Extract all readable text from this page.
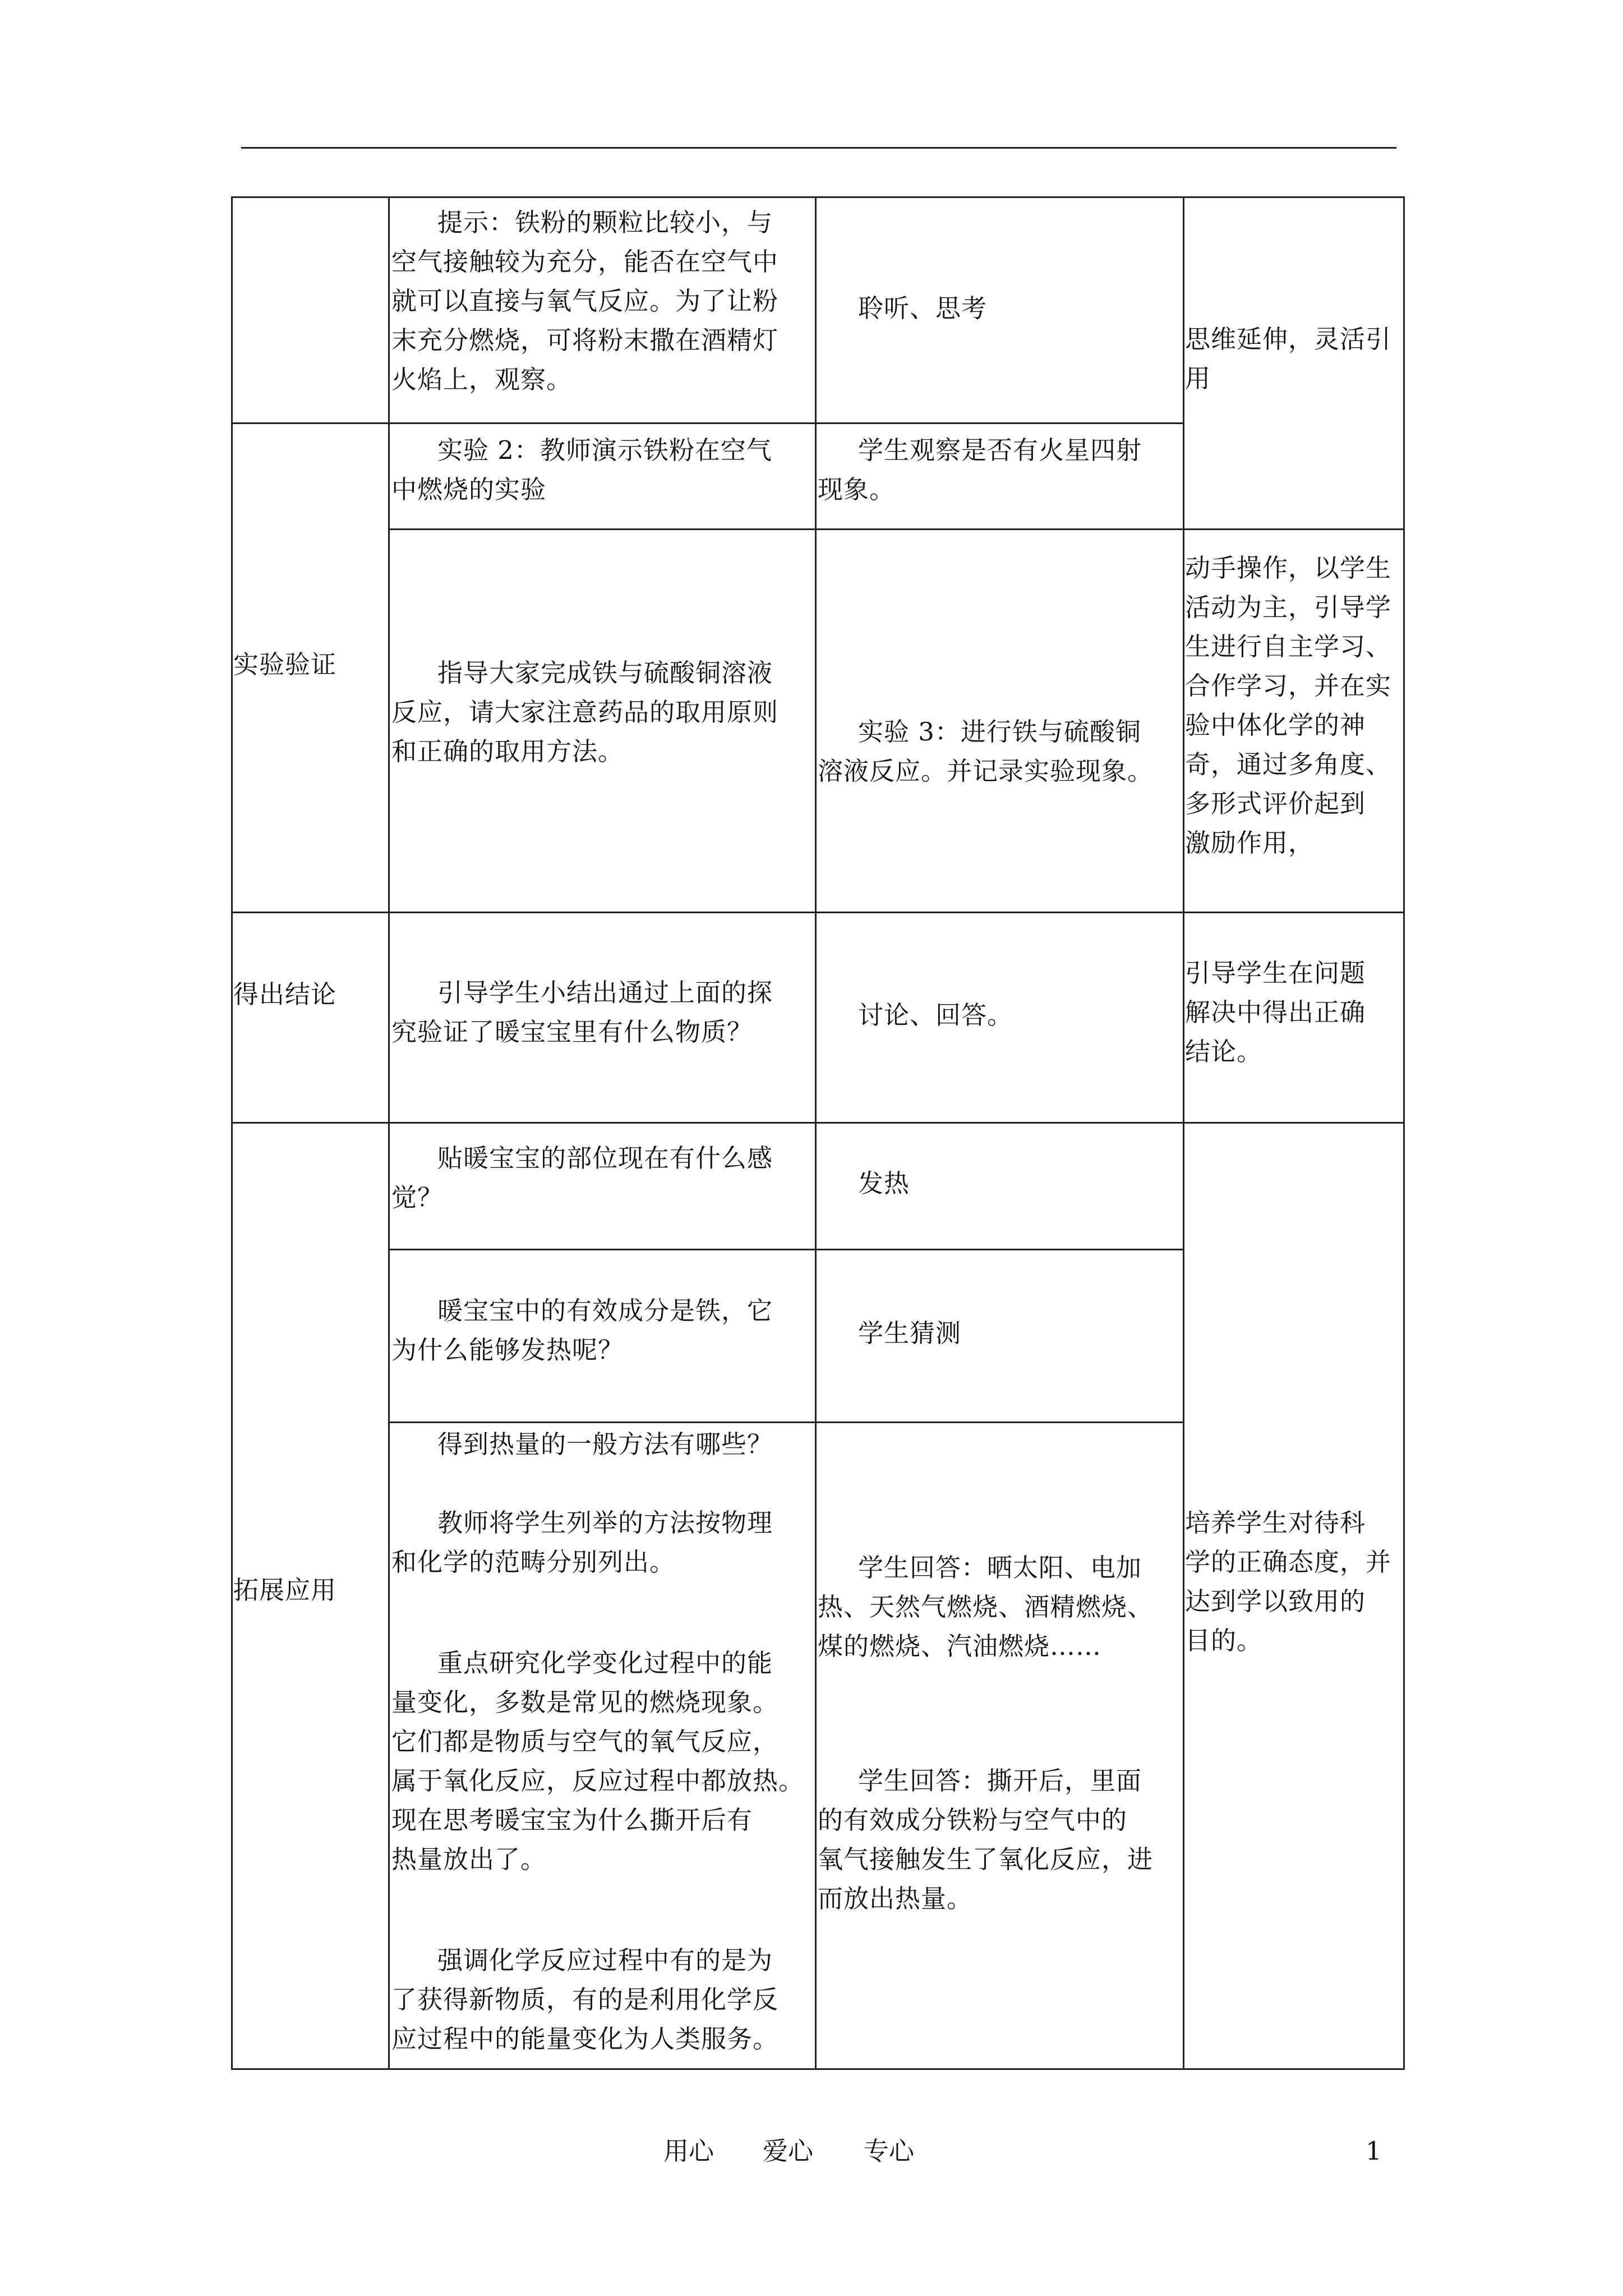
实验验证
得出结论
拓展应用
提示：铁粉的颗粒比较小，与
空气接触较为充分，能否在空气中
就可以直接与氧气反应。为了让粉
末充分燃烧，可将粉末撒在酒精灯
火焰上，观察。
聆听、思考
思维延伸，灵活引
用
实验 2：教师演示铁粉在空气
中燃烧的实验
学生观察是否有火星四射
现象。
指导大家完成铁与硫酸铜溶液
反应，请大家注意药品的取用原则
和正确的取用方法。
实验 3：进行铁与硫酸铜
溶液反应。并记录实验现象。
动手操作，以学生
活动为主，引导学
生进行自主学习、
合作学习，并在实
验中体化学的神
奇，通过多角度、
多形式评价起到
激励作用，
引导学生小结出通过上面的探
究验证了暖宝宝里有什么物质？
讨论、回答。
引导学生在问题
解决中得出正确
结论。
贴暖宝宝的部位现在有什么感
觉？	发热
暖宝宝中的有效成分是铁，它
为什么能够发热呢？
学生猜测
得到热量的一般方法有哪些？
教师将学生列举的方法按物理
和化学的范畴分别列出。
重点研究化学变化过程中的能
量变化，多数是常见的燃烧现象。
它们都是物质与空气的氧气反应，
属于氧化反应，反应过程中都放热。
现在思考暖宝宝为什么撕开后有
热量放出了。
强调化学反应过程中有的是为
了获得新物质，有的是利用化学反
应过程中的能量变化为人类服务。
学生回答：晒太阳、电加
热、天然气燃烧、酒精燃烧、
煤的燃烧、汽油燃烧……
学生回答：撕开后，里面
的有效成分铁粉与空气中的
氧气接触发生了氧化反应，进
而放出热量。
培养学生对待科
学的正确态度，并
达到学以致用的
目的。
用心 爱心 专心	1
